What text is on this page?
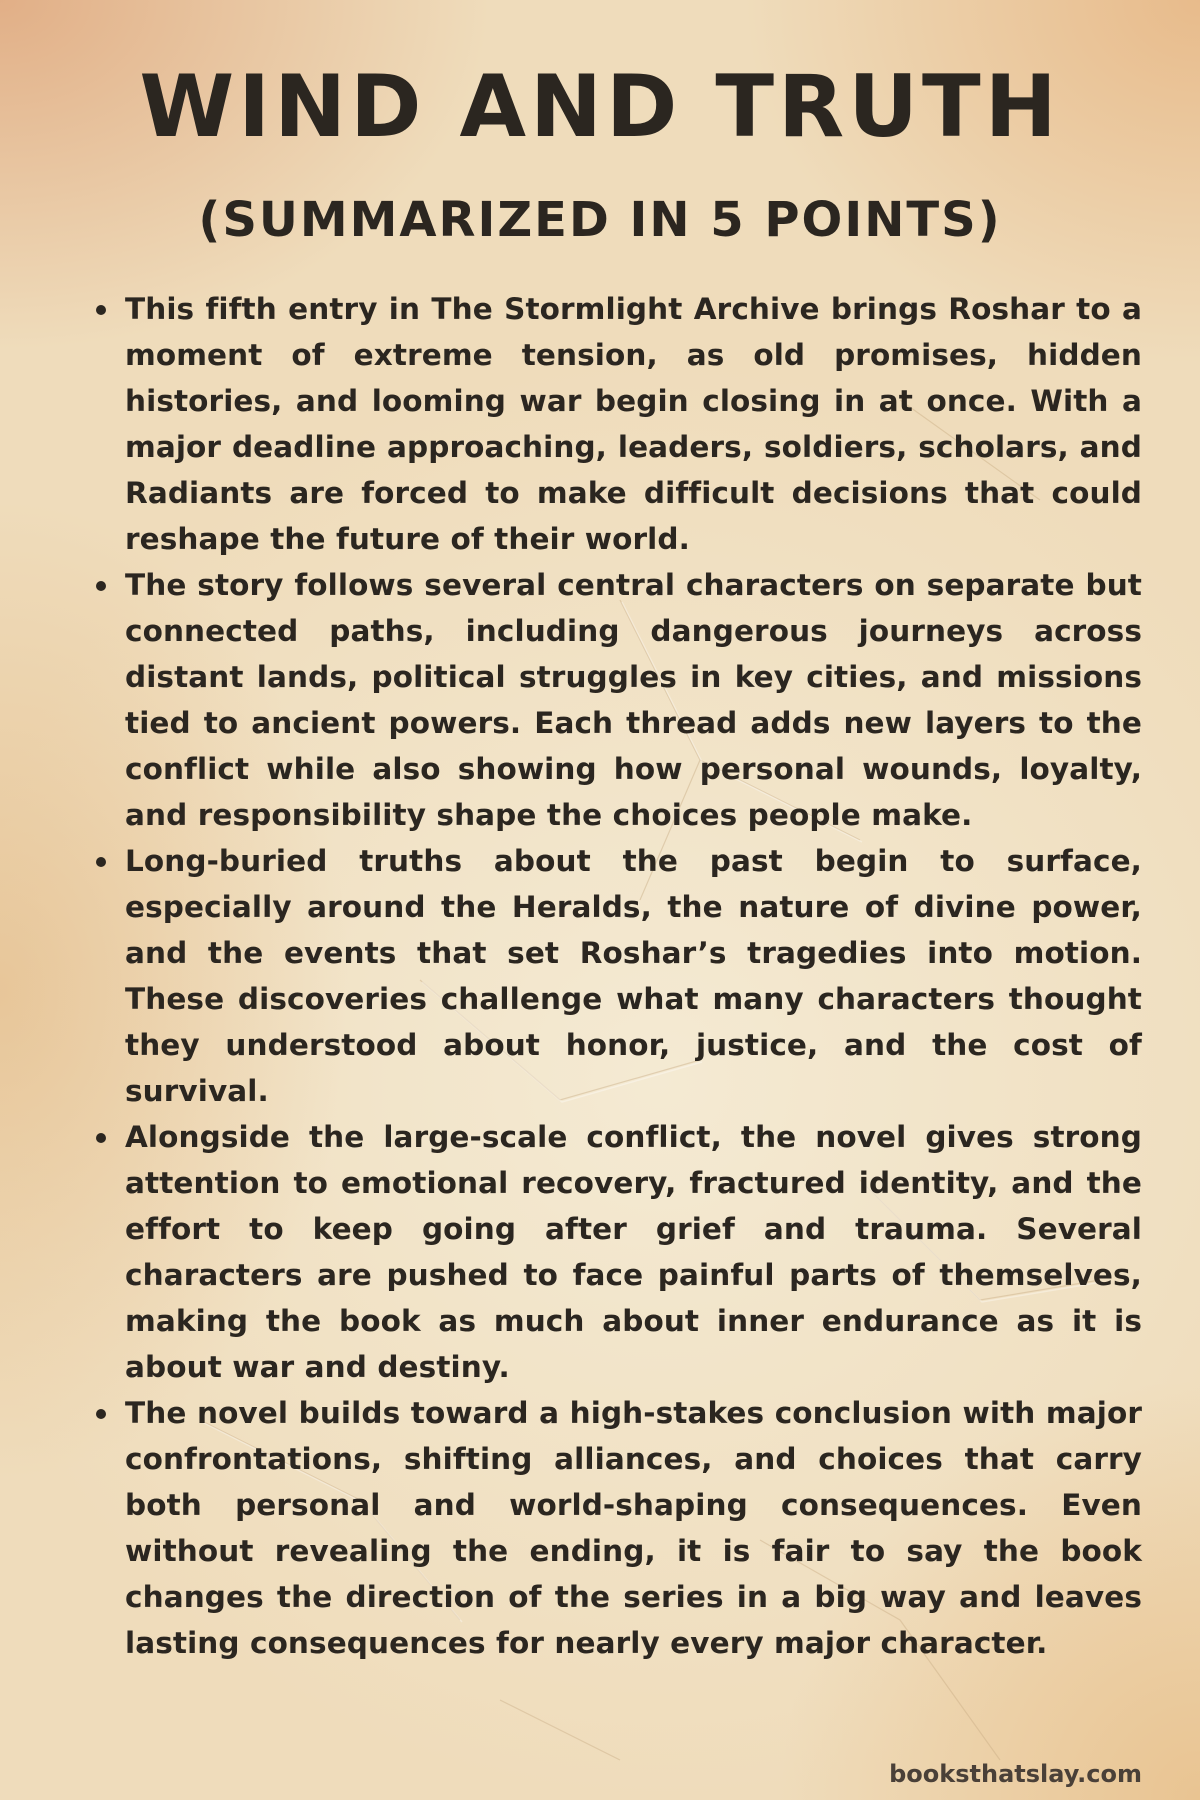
WIND AND TRUTH
(SUMMARIZED IN 5 POINTS)
This fifth entry in The Stormlight Archive brings Roshar to a moment of extreme tension, as old promises, hidden histories, and looming war begin closing in at once. With a major deadline approaching, leaders, soldiers, scholars, and Radiants are forced to make difficult decisions that could reshape the future of their world.
The story follows several central characters on separate but connected paths, including dangerous journeys across distant lands, political struggles in key cities, and missions tied to ancient powers. Each thread adds new layers to the conflict while also showing how personal wounds, loyalty, and responsibility shape the choices people make.
Long-buried truths about the past begin to surface, especially around the Heralds, the nature of divine power, and the events that set Roshar’s tragedies into motion. These discoveries challenge what many characters thought they understood about honor, justice, and the cost of survival.
Alongside the large-scale conflict, the novel gives strong attention to emotional recovery, fractured identity, and the effort to keep going after grief and trauma. Several characters are pushed to face painful parts of themselves, making the book as much about inner endurance as it is about war and destiny.
The novel builds toward a high-stakes conclusion with major confrontations, shifting alliances, and choices that carry both personal and world-shaping consequences. Even without revealing the ending, it is fair to say the book changes the direction of the series in a big way and leaves lasting consequences for nearly every major character.
booksthatslay.com
